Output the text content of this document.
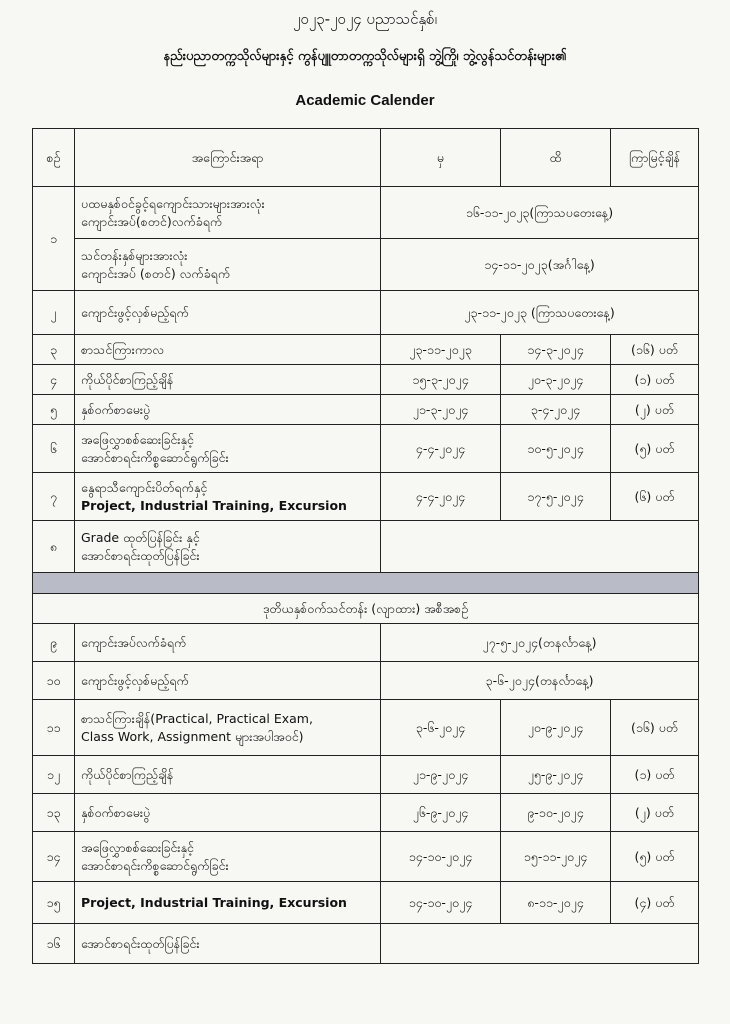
၂၀၂၃-၂၀၂၄ ပညာသင်နှစ်၊
နည်းပညာတက္ကသိုလ်များနှင့် ကွန်ပျူတာတက္ကသိုလ်များရှိ ဘွဲ့ကြို၊ ဘွဲ့လွန်သင်တန်းများ၏
Academic Calender
စဉ်	အကြောင်းအရာ	မှ	ထိ	ကြာမြင့်ချိန်
၁	ပထမနှစ်ဝင်ခွင့်ရကျောင်းသားများအားလုံး
ကျောင်းအပ်(စတင်)လက်ခံရက်	၁၆-၁၁-၂၀၂၃(ကြာသပတေးနေ့)		

	သင်တန်းနှစ်များအားလုံး
ကျောင်းအပ် (စတင်) လက်ခံရက်	၁၄-၁၁-၂၀၂၃(အင်္ဂါနေ့)		
၂	ကျောင်းဖွင့်လှစ်မည့်ရက်	၂၃-၁၁-၂၀၂၃ (ကြာသပတေးနေ့)		
၃	စာသင်ကြားကာလ	၂၃-၁၁-၂၀၂၃	၁၄-၃-၂၀၂၄	(၁၆) ပတ်
၄	ကိုယ်ပိုင်စာကြည့်ချိန်	၁၅-၃-၂၀၂၄	၂၀-၃-၂၀၂၄	(၁) ပတ်
၅	နှစ်ဝက်စာမေးပွဲ	၂၁-၃-၂၀၂၄	၃-၄-၂၀၂၄	(၂) ပတ်
၆	အဖြေလွှာစစ်ဆေးခြင်းနှင့်
အောင်စာရင်းကိစ္စဆောင်ရွက်ခြင်း	၄-၄-၂၀၂၄	၁၀-၅-၂၀၂၄	(၅) ပတ်
၇	နွေရာသီကျောင်းပိတ်ရက်နှင့်
Project, Industrial Training, Excursion	၄-၄-၂၀၂၄	၁၇-၅-၂၀၂၄	(၆) ပတ်
၈	Grade ထုတ်ပြန်ခြင်း နှင့်
အောင်စာရင်းထုတ်ပြန်ခြင်း			

ဒုတိယနှစ်ဝက်သင်တန်း (လျာထား) အစီအစဉ်				
၉	ကျောင်းအပ်လက်ခံရက်	၂၇-၅-၂၀၂၄(တနင်္လာနေ့)		
၁၀	ကျောင်းဖွင့်လှစ်မည့်ရက်	၃-၆-၂၀၂၄(တနင်္လာနေ့)		
၁၁	စာသင်ကြားချိန်(Practical, Practical Exam,
Class Work, Assignment များအပါအဝင်)	၃-၆-၂၀၂၄	၂၀-၉-၂၀၂၄	(၁၆) ပတ်
၁၂	ကိုယ်ပိုင်စာကြည့်ချိန်	၂၁-၉-၂၀၂၄	၂၅-၉-၂၀၂၄	(၁) ပတ်
၁၃	နှစ်ဝက်စာမေးပွဲ	၂၆-၉-၂၀၂၄	၉-၁၀-၂၀၂၄	(၂) ပတ်
၁၄	အဖြေလွှာစစ်ဆေးခြင်းနှင့်
အောင်စာရင်းကိစ္စဆောင်ရွက်ခြင်း	၁၄-၁၀-၂၀၂၄	၁၅-၁၁-၂၀၂၄	(၅) ပတ်
၁၅	Project, Industrial Training, Excursion	၁၄-၁၀-၂၀၂၄	၈-၁၁-၂၀၂၄	(၄) ပတ်
၁၆	အောင်စာရင်းထုတ်ပြန်ခြင်း			
